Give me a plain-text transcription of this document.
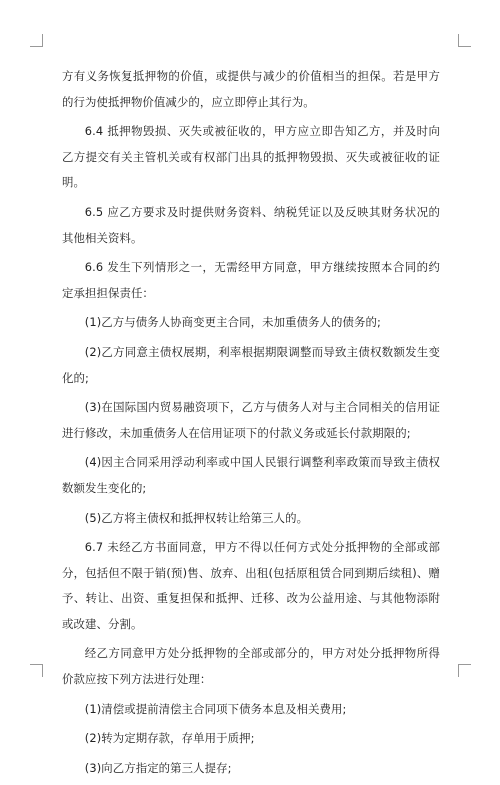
方有义务恢复抵押物的价值，或提供与减少的价值相当的担保。若是甲方的行为使抵押物价值减少的，应立即停止其行为。

6.4 抵押物毁损、灭失或被征收的，甲方应立即告知乙方，并及时向乙方提交有关主管机关或有权部门出具的抵押物毁损、灭失或被征收的证明。

6.5 应乙方要求及时提供财务资料、纳税凭证以及反映其财务状况的其他相关资料。

6.6 发生下列情形之一，无需经甲方同意，甲方继续按照本合同的约定承担担保责任：

(1)乙方与债务人协商变更主合同，未加重债务人的债务的;

(2)乙方同意主债权展期，利率根据期限调整而导致主债权数额发生变化的;

(3)在国际国内贸易融资项下，乙方与债务人对与主合同相关的信用证进行修改，未加重债务人在信用证项下的付款义务或延长付款期限的;

(4)因主合同采用浮动利率或中国人民银行调整利率政策而导致主债权数额发生变化的;

(5)乙方将主债权和抵押权转让给第三人的。

6.7 未经乙方书面同意，甲方不得以任何方式处分抵押物的全部或部分，包括但不限于销(预)售、放弃、出租(包括原租赁合同到期后续租)、赠予、转让、出资、重复担保和抵押、迁移、改为公益用途、与其他物添附或改建、分割。

经乙方同意甲方处分抵押物的全部或部分的，甲方对处分抵押物所得价款应按下列方法进行处理：

(1)清偿或提前清偿主合同项下债务本息及相关费用;

(2)转为定期存款，存单用于质押;

(3)向乙方指定的第三人提存;
